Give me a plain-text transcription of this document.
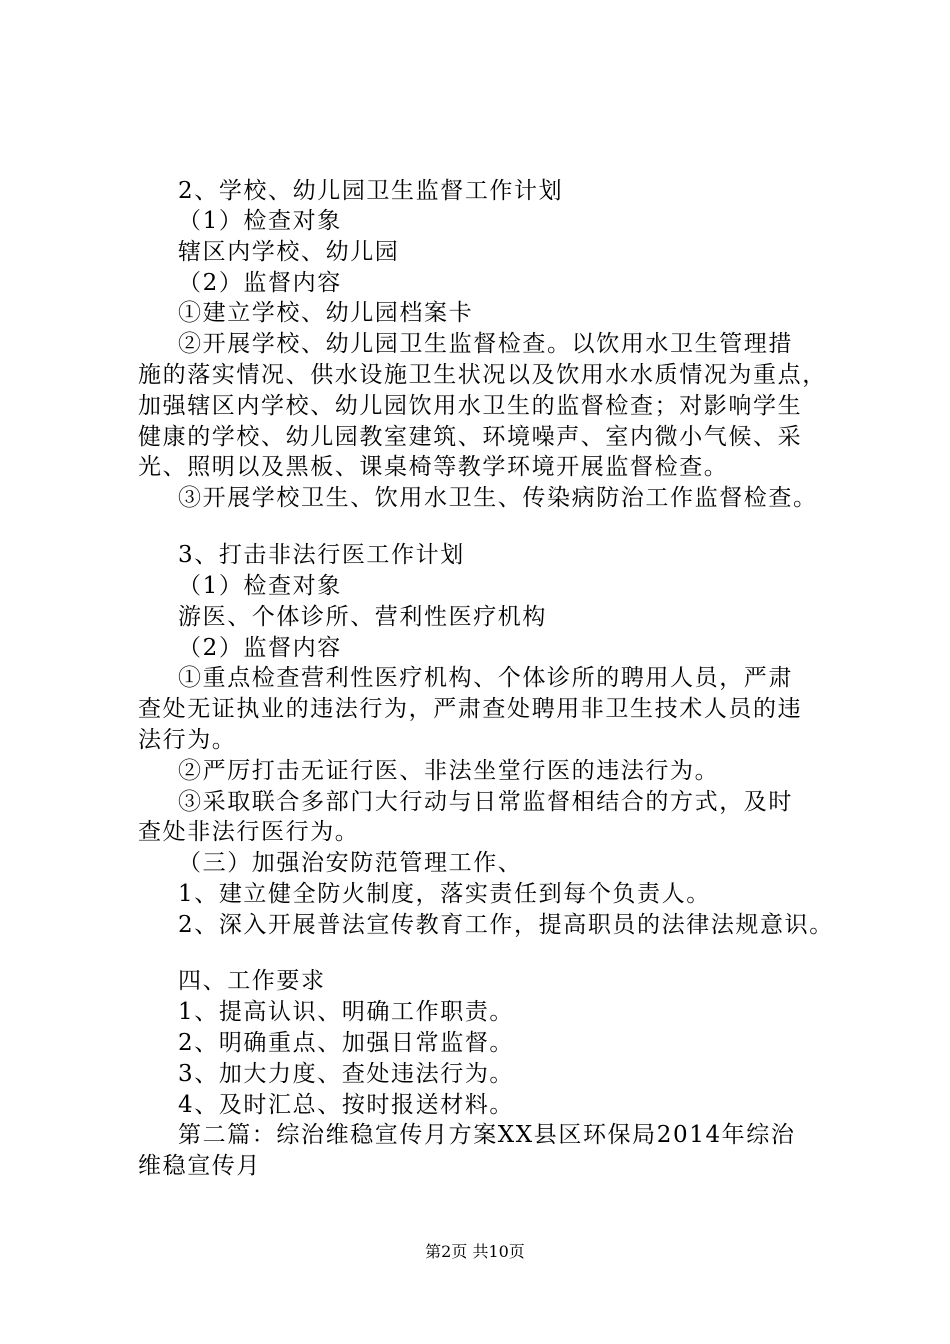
2、学校、幼儿园卫生监督工作计划
（1）检查对象
辖区内学校、幼儿园
（2）监督内容
①建立学校、幼儿园档案卡
②开展学校、幼儿园卫生监督检查。以饮用水卫生管理措
施的落实情况、供水设施卫生状况以及饮用水水质情况为重点，
加强辖区内学校、幼儿园饮用水卫生的监督检查；对影响学生
健康的学校、幼儿园教室建筑、环境噪声、室内微小气候、采
光、照明以及黑板、课桌椅等教学环境开展监督检查。
③开展学校卫生、饮用水卫生、传染病防治工作监督检查。
3、打击非法行医工作计划
（1）检查对象
游医、个体诊所、营利性医疗机构
（2）监督内容
①重点检查营利性医疗机构、个体诊所的聘用人员，严肃
查处无证执业的违法行为，严肃查处聘用非卫生技术人员的违
法行为。
②严厉打击无证行医、非法坐堂行医的违法行为。
③采取联合多部门大行动与日常监督相结合的方式，及时
查处非法行医行为。
（三）加强治安防范管理工作、
1、建立健全防火制度，落实责任到每个负责人。
2、深入开展普法宣传教育工作，提高职员的法律法规意识。
四、工作要求
1、提高认识、明确工作职责。
2、明确重点、加强日常监督。
3、加大力度、查处违法行为。
4、及时汇总、按时报送材料。
第二篇：综治维稳宣传月方案XX县区环保局2014年综治
维稳宣传月
第2页 共10页
